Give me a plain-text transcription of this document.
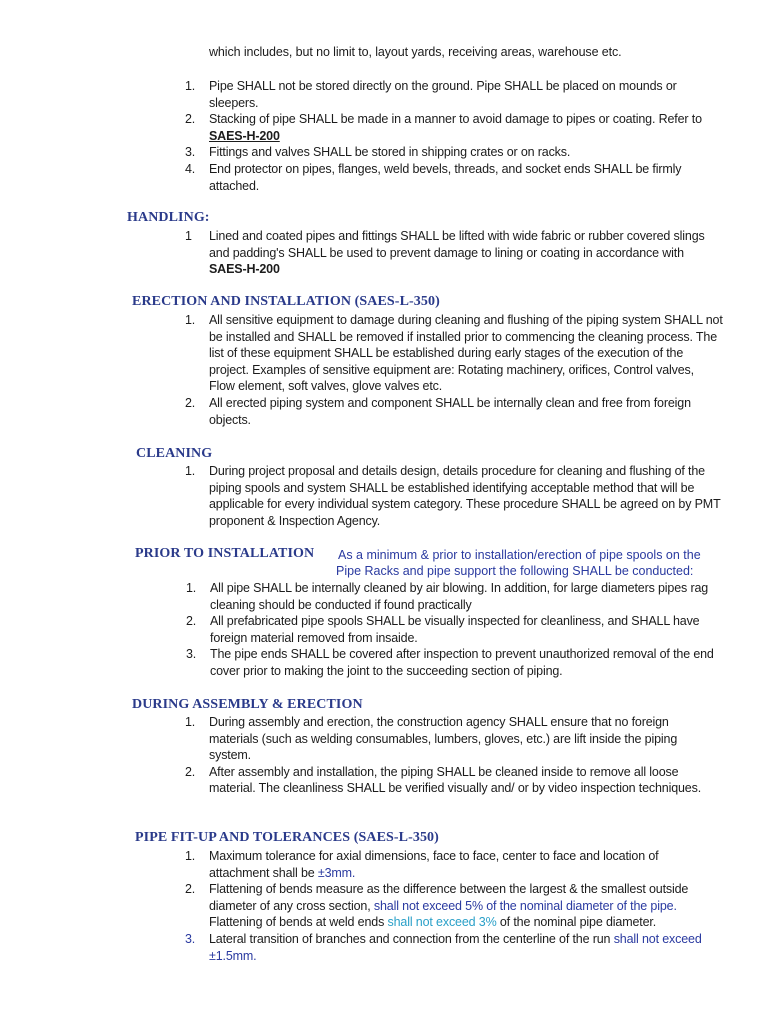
which includes, but no limit to, layout yards, receiving areas, warehouse etc.
1.	Pipe SHALL not be stored directly on the ground. Pipe SHALL be placed on mounds or sleepers.
2.	Stacking of pipe SHALL be made in a manner to avoid damage to pipes or coating. Refer to SAES-H-200
3.	Fittings and valves SHALL be stored in shipping crates or on racks.
4.	End protector on pipes, flanges, weld bevels, threads, and socket ends SHALL be firmly attached.
HANDLING:
1	Lined and coated pipes and fittings SHALL be lifted with wide fabric or rubber covered slings and padding's SHALL be used to prevent damage to lining or coating in accordance with SAES-H-200
ERECTION AND INSTALLATION (SAES-L-350)
1.	All sensitive equipment to damage during cleaning and flushing of the piping system SHALL not be installed and SHALL be removed if installed prior to commencing the cleaning process. The list of these equipment SHALL be established during early stages of the execution of the project. Examples of sensitive equipment are: Rotating machinery, orifices, Control valves, Flow element, soft valves, glove valves etc.
2.	All erected piping system and component SHALL be internally clean and free from foreign objects.
CLEANING
1.	During project proposal and details design, details procedure for cleaning and flushing of the piping spools and system SHALL be established identifying acceptable method that will be applicable for every individual system category. These procedure SHALL be agreed on by PMT proponent & Inspection Agency.
PRIOR TO INSTALLATION As a minimum & prior to installation/erection of pipe spools on the
Pipe Racks and pipe support the following SHALL be conducted:
1.	All pipe SHALL be internally cleaned by air blowing. In addition, for large diameters pipes rag cleaning should be conducted if found practically
2.	All prefabricated pipe spools SHALL be visually inspected for cleanliness, and SHALL have foreign material removed from insaide.
3.	The pipe ends SHALL be covered after inspection to prevent unauthorized removal of the end cover prior to making the joint to the succeeding section of piping.
DURING ASSEMBLY & ERECTION
1.	During assembly and erection, the construction agency SHALL ensure that no foreign materials (such as welding consumables, lumbers, gloves, etc.) are lift inside the piping system.
2.	After assembly and installation, the piping SHALL be cleaned inside to remove all loose material. The cleanliness SHALL be verified visually and/ or by video inspection techniques.
PIPE FIT-UP AND TOLERANCES (SAES-L-350)
1.	Maximum tolerance for axial dimensions, face to face, center to face and location of attachment shall be ±3mm.
2.	Flattening of bends measure as the difference between the largest & the smallest outside diameter of any cross section, shall not exceed 5% of the nominal diameter of the pipe. Flattening of bends at weld ends shall not exceed 3% of the nominal pipe diameter.
3.	Lateral transition of branches and connection from the centerline of the run shall not exceed ±1.5mm.
